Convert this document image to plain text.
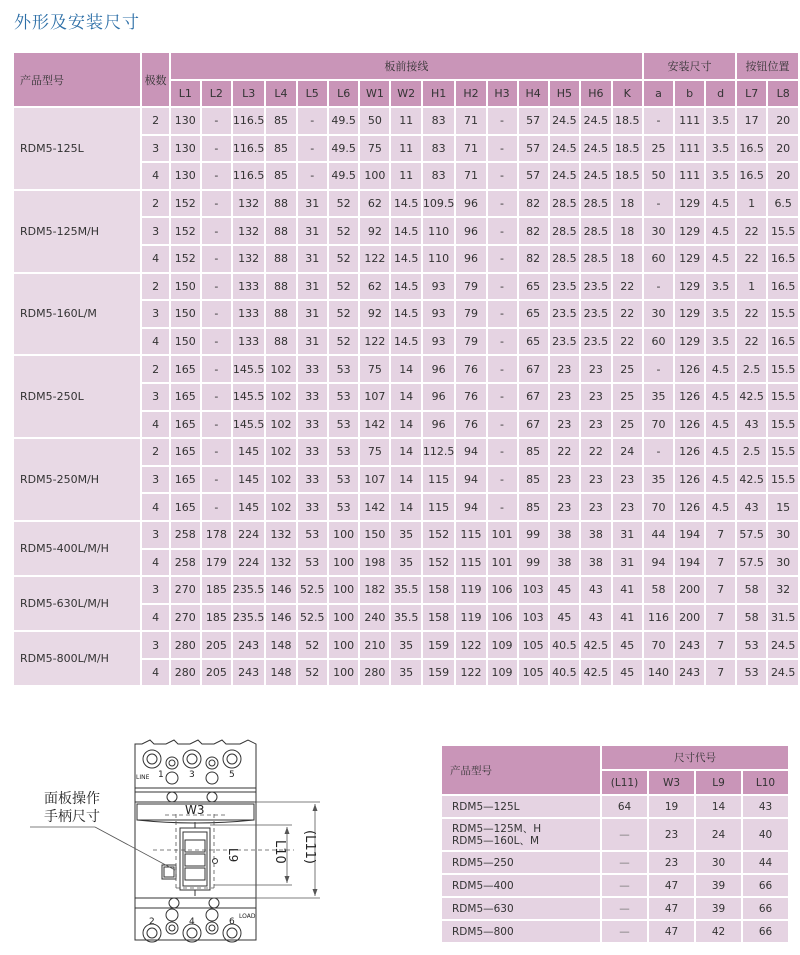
外形及安装尺寸
产品型号	极数	板前接线															安装尺寸			按钮位置	
		L1	L2	L3	L4	L5	L6	W1	W2	H1	H2	H3	H4	H5	H6	K	a	b	d	L7	L8
RDM5-125L	2	130	-	116.5	85	-	49.5	50	11	83	71	-	57	24.5	24.5	18.5	-	111	3.5	17	20
	3	130	-	116.5	85	-	49.5	75	11	83	71	-	57	24.5	24.5	18.5	25	111	3.5	16.5	20
	4	130	-	116.5	85	-	49.5	100	11	83	71	-	57	24.5	24.5	18.5	50	111	3.5	16.5	20
RDM5-125M/H	2	152	-	132	88	31	52	62	14.5	109.5	96	-	82	28.5	28.5	18	-	129	4.5	1	6.5
	3	152	-	132	88	31	52	92	14.5	110	96	-	82	28.5	28.5	18	30	129	4.5	22	15.5
	4	152	-	132	88	31	52	122	14.5	110	96	-	82	28.5	28.5	18	60	129	4.5	22	16.5
RDM5-160L/M	2	150	-	133	88	31	52	62	14.5	93	79	-	65	23.5	23.5	22	-	129	3.5	1	16.5
	3	150	-	133	88	31	52	92	14.5	93	79	-	65	23.5	23.5	22	30	129	3.5	22	15.5
	4	150	-	133	88	31	52	122	14.5	93	79	-	65	23.5	23.5	22	60	129	3.5	22	16.5
RDM5-250L	2	165	-	145.5	102	33	53	75	14	96	76	-	67	23	23	25	-	126	4.5	2.5	15.5
	3	165	-	145.5	102	33	53	107	14	96	76	-	67	23	23	25	35	126	4.5	42.5	15.5
	4	165	-	145.5	102	33	53	142	14	96	76	-	67	23	23	25	70	126	4.5	43	15.5
RDM5-250M/H	2	165	-	145	102	33	53	75	14	112.5	94	-	85	22	22	24	-	126	4.5	2.5	15.5
	3	165	-	145	102	33	53	107	14	115	94	-	85	23	23	23	35	126	4.5	42.5	15.5
	4	165	-	145	102	33	53	142	14	115	94	-	85	23	23	23	70	126	4.5	43	15
RDM5-400L/M/H	3	258	178	224	132	53	100	150	35	152	115	101	99	38	38	31	44	194	7	57.5	30
	4	258	179	224	132	53	100	198	35	152	115	101	99	38	38	31	94	194	7	57.5	30
RDM5-630L/M/H	3	270	185	235.5	146	52.5	100	182	35.5	158	119	106	103	45	43	41	58	200	7	58	32
	4	270	185	235.5	146	52.5	100	240	35.5	158	119	106	103	45	43	41	116	200	7	58	31.5
RDM5-800L/M/H	3	280	205	243	148	52	100	210	35	159	122	109	105	40.5	42.5	45	70	243	7	53	24.5
	4	280	205	243	148	52	100	280	35	159	122	109	105	40.5	42.5	45	140	243	7	53	24.5
面板操作
手柄尺寸	W3
L9 L10 (L11)
LINE 1	3	5
2	4	6
LOAD
产品型号	尺寸代号			
	(L11)	W3	L9	L10
RDM5—125L	64	19	14	43

RDM5—125M、H
RDM5—160L、M	—	23	24	40
RDM5—250	—	23	30	44
RDM5—400	—	47	39	66
RDM5—630	—	47	39	66
RDM5—800	—	47	42	66
